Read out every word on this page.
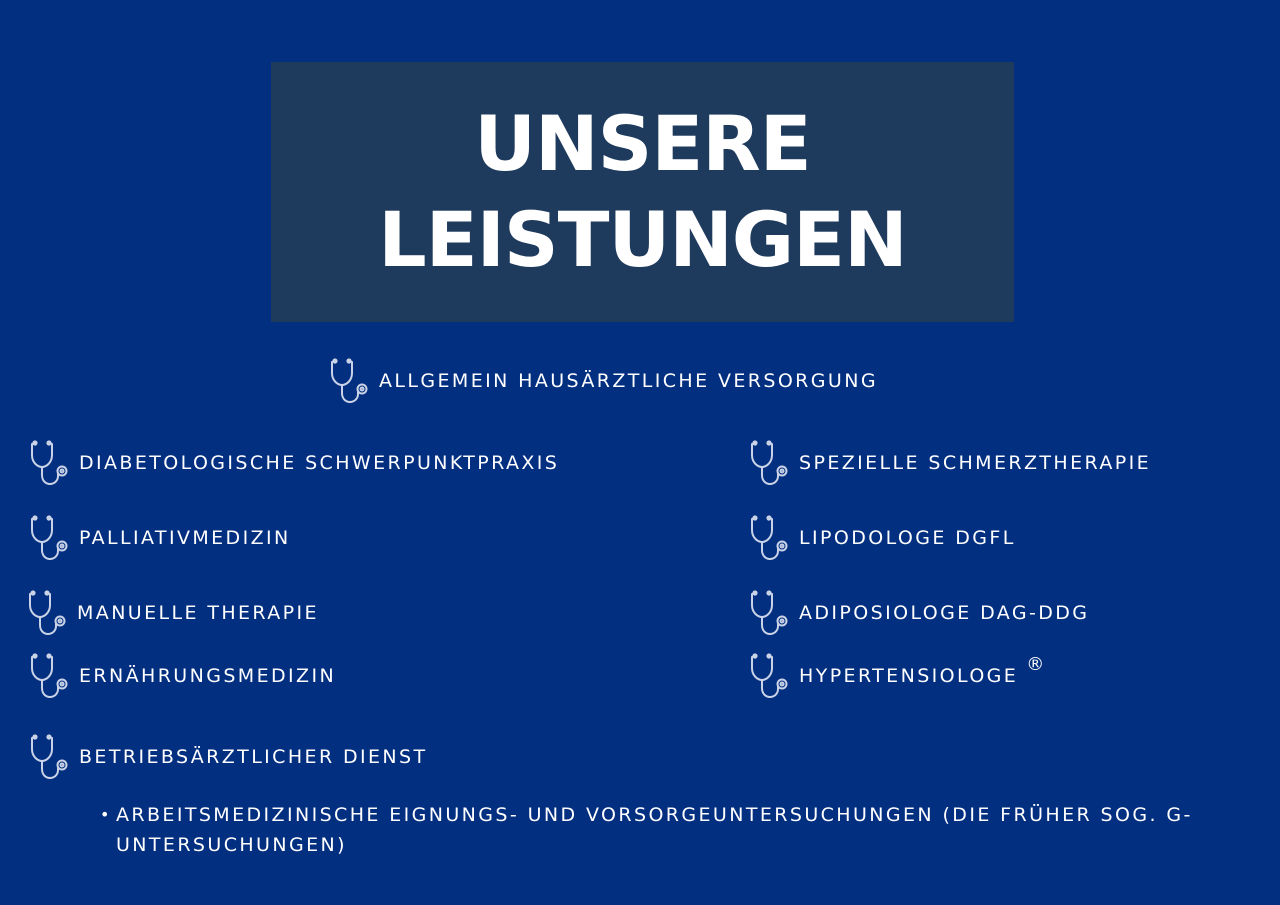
UNSERE
LEISTUNGEN
ALLGEMEIN HAUSÄRZTLICHE VERSORGUNG
DIABETOLOGISCHE SCHWERPUNKTPRAXIS
PALLIATIVMEDIZIN
MANUELLE THERAPIE
ERNÄHRUNGSMEDIZIN
BETRIEBSÄRZTLICHER DIENST
SPEZIELLE SCHMERZTHERAPIE
LIPODOLOGE DGFL
ADIPOSIOLOGE DAG-DDG
HYPERTENSIOLOGE
®
• ARBEITSMEDIZINISCHE EIGNUNGS- UND VORSORGEUNTERSUCHUNGEN (DIE FRÜHER SOG. G-UNTERSUCHUNGEN)
